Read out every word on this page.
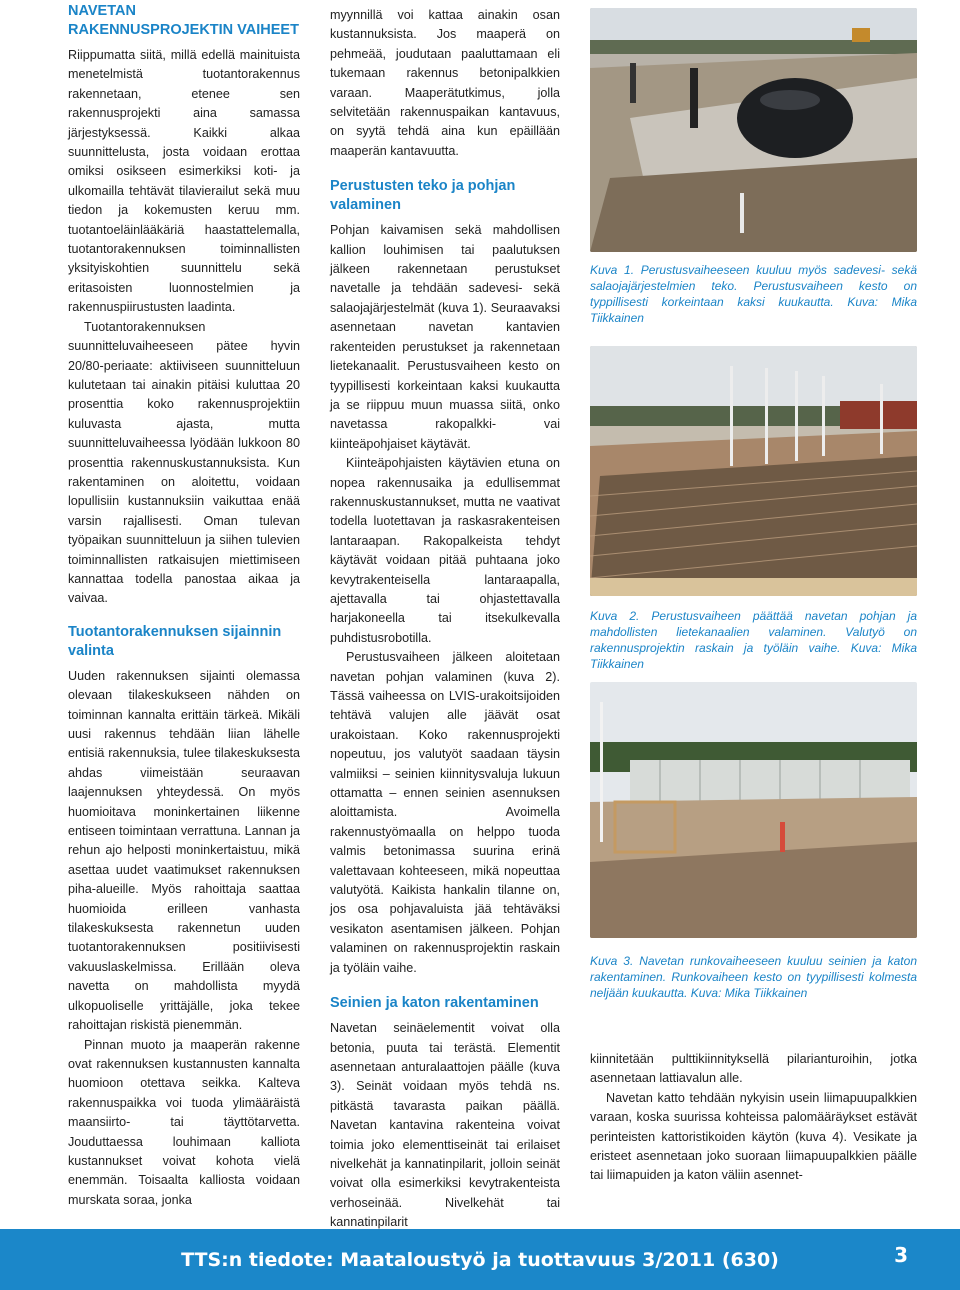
NAVETAN RAKENNUSPROJEKTIN VAIHEET

Riippumatta siitä, millä edellä mainituista menetelmistä tuotantorakennus rakennetaan, etenee sen rakennusprojekti aina samassa järjestyksessä. Kaikki alkaa suunnittelusta, josta voidaan erottaa omiksi osikseen esimerkiksi koti- ja ulkomailla tehtävät tilavierailut sekä muu tiedon ja kokemusten keruu mm. tuotantoeläinlääkäriä haastattelemalla, tuotantorakennuksen toiminnallisten yksityiskohtien suunnittelu sekä eritasoisten luonnostelmien ja rakennuspiirustusten laadinta.

Tuotantorakennuksen suunnitteluvaiheeseen pätee hyvin 20/80-periaate: aktiiviseen suunnitteluun kulutetaan tai ainakin pitäisi kuluttaa 20 prosenttia koko rakennusprojektiin kuluvasta ajasta, mutta suunnitteluvaiheessa lyödään lukkoon 80 prosenttia rakennuskustannuksista. Kun rakentaminen on aloitettu, voidaan lopullisiin kustannuksiin vaikuttaa enää varsin rajallisesti. Oman tulevan työpaikan suunnitteluun ja siihen tulevien toiminnallisten ratkaisujen miettimiseen kannattaa todella panostaa aikaa ja vaivaa.

Tuotantorakennuksen sijainnin valinta

Uuden rakennuksen sijainti olemassa olevaan tilakeskukseen nähden on toiminnan kannalta erittäin tärkeä. Mikäli uusi rakennus tehdään liian lähelle entisiä rakennuksia, tulee tilakeskuksesta ahdas viimeistään seuraavan laajennuksen yhteydessä. On myös huomioitava moninkertainen liikenne entiseen toimintaan verrattuna. Lannan ja rehun ajo helposti moninkertaistuu, mikä asettaa uudet vaatimukset rakennuksen piha-alueille. Myös rahoittaja saattaa huomioida erilleen vanhasta tilakeskuksesta rakennetun uuden tuotantorakennuksen positiivisesti vakuuslaskelmissa. Erillään oleva navetta on mahdollista myydä ulkopuoliselle yrittäjälle, joka tekee rahoittajan riskistä pienemmän.

Pinnan muoto ja maaperän rakenne ovat rakennuksen kustannusten kannalta huomioon otettava seikka. Kalteva rakennuspaikka voi tuoda ylimääräistä maansiirto- tai täyttötarvetta. Jouduttaessa louhimaan kalliota kustannukset voivat kohota vielä enemmän. Toisaalta kalliosta voidaan murskata soraa, jonka

myynnillä voi kattaa ainakin osan kustannuksista. Jos maaperä on pehmeää, joudutaan paaluttamaan eli tukemaan rakennus betonipalkkien varaan. Maaperätutkimus, jolla selvitetään rakennuspaikan kantavuus, on syytä tehdä aina kun epäillään maaperän kantavuutta.

Perustusten teko ja pohjan valaminen

Pohjan kaivamisen sekä mahdollisen kallion louhimisen tai paalutuksen jälkeen rakennetaan perustukset navetalle ja tehdään sadevesi- sekä salaojajärjestelmät (kuva 1). Seuraavaksi asennetaan navetan kantavien rakenteiden perustukset ja rakennetaan lietekanaalit. Perustusvaiheen kesto on tyypillisesti korkeintaan kaksi kuukautta ja se riippuu muun muassa siitä, onko navetassa rakopalkki- vai kiinteäpohjaiset käytävät.

Kiinteäpohjaisten käytävien etuna on nopea rakennusaika ja edullisemmat rakennuskustannukset, mutta ne vaativat todella luotettavan ja raskasrakenteisen lantaraapan. Rakopalkeista tehdyt käytävät voidaan pitää puhtaana joko kevytrakenteisella lantaraapalla, ajettavalla tai ohjastettavalla harjakoneella tai itsekulkevalla puhdistusrobotilla.

Perustusvaiheen jälkeen aloitetaan navetan pohjan valaminen (kuva 2). Tässä vaiheessa on LVIS-urakoitsijoiden tehtävä valujen alle jäävät osat urakoistaan. Koko rakennusprojekti nopeutuu, jos valutyöt saadaan täysin valmiiksi – seinien kiinnitysvaluja lukuun ottamatta – ennen seinien asennuksen aloittamista. Avoimella rakennustyömaalla on helppo tuoda valmis betonimassa suurina erinä valettavaan kohteeseen, mikä nopeuttaa valutyötä. Kaikista hankalin tilanne on, jos osa pohjavaluista jää tehtäväksi vesikaton asentamisen jälkeen. Pohjan valaminen on rakennusprojektin raskain ja työläin vaihe.

Seinien ja katon rakentaminen

Navetan seinäelementit voivat olla betonia, puuta tai terästä. Elementit asennetaan anturalaattojen päälle (kuva 3). Seinät voidaan myös tehdä ns. pitkästä tavarasta paikan päällä. Navetan kantavina rakenteina voivat toimia joko elementtiseinät tai erilaiset nivelkehät ja kannatinpilarit, jolloin seinät voivat olla esimerkiksi kevytrakenteista verhoseinää. Nivelkehät tai kannatinpilarit

Kuva 1. Perustusvaiheeseen kuuluu myös sadevesi- sekä salaojajärjestelmien teko. Perustusvaiheen kesto on typpillisesti korkeintaan kaksi kuukautta. Kuva: Mika Tiikkainen

Kuva 2. Perustusvaiheen päättää navetan pohjan ja mahdollisten lietekanaalien valaminen. Valutyö on rakennusprojektin raskain ja työläin vaihe. Kuva: Mika Tiikkainen

Kuva 3. Navetan runkovaiheeseen kuuluu seinien ja katon rakentaminen. Runkovaiheen kesto on tyypillisesti kolmesta neljään kuukautta. Kuva: Mika Tiikkainen

kiinnitetään pulttikiinnityksellä pilarianturoihin, jotka asennetaan lattiavalun alle.

Navetan katto tehdään nykyisin usein liimapuupalkkien varaan, koska suurissa kohteissa palomääräykset estävät perinteisten kattoristikoiden käytön (kuva 4). Vesikate ja eristeet asennetaan joko suoraan liimapuupalkkien päälle tai liimapuiden ja katon väliin asennet-

TTS:n tiedote: Maataloustyö ja tuottavuus 3/2011 (630)	3
